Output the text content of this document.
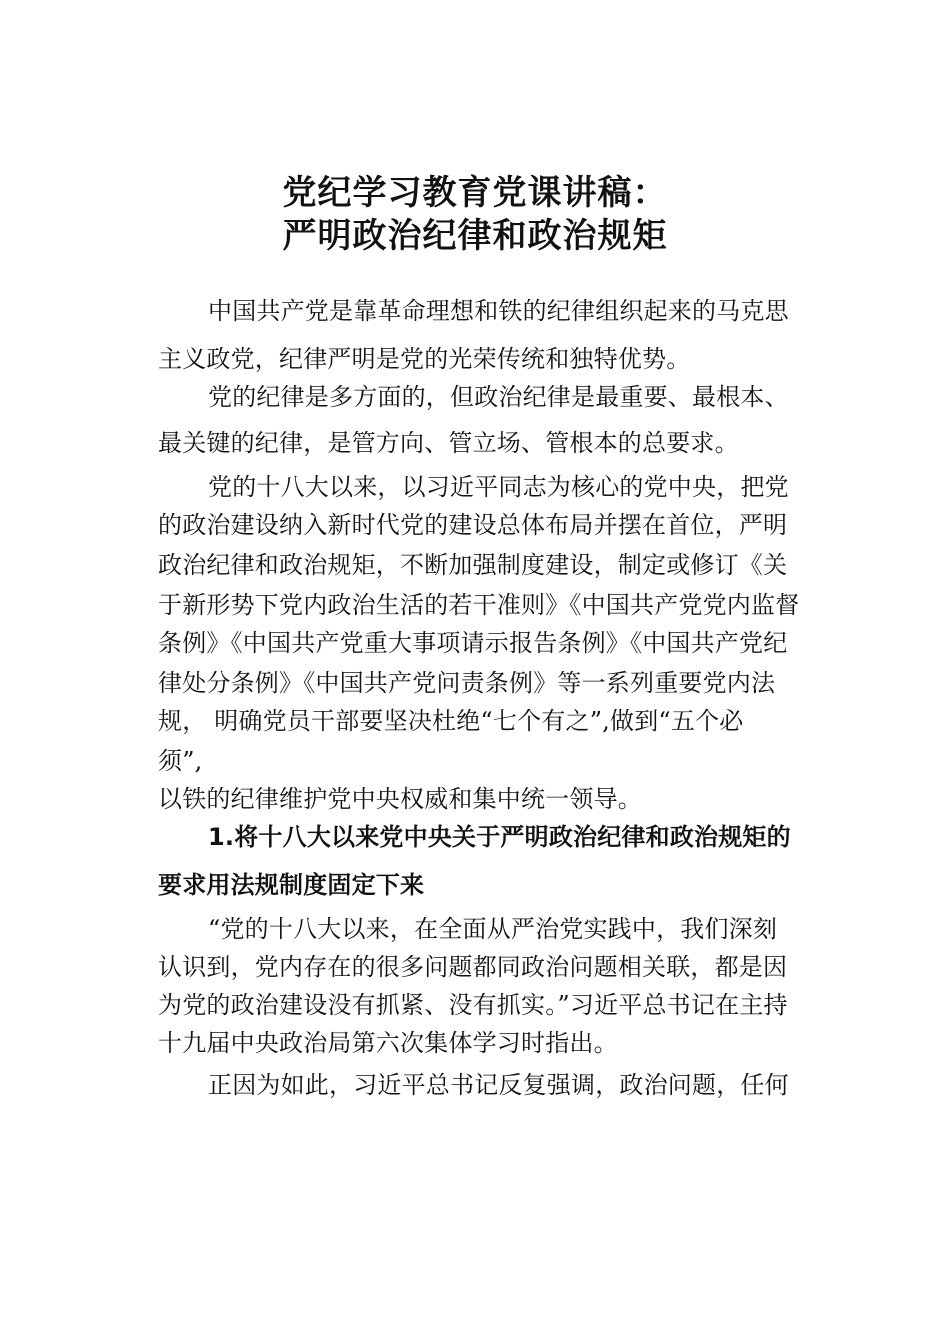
党纪学习教育党课讲稿：
严明政治纪律和政治规矩
中国共产党是靠革命理想和铁的纪律组织起来的马克思
主义政党，纪律严明是党的光荣传统和独特优势。
党的纪律是多方面的，但政治纪律是最重要、最根本、
最关键的纪律，是管方向、管立场、管根本的总要求。
党的十八大以来，以习近平同志为核心的党中央，把党
的政治建设纳入新时代党的建设总体布局并摆在首位，严明
政治纪律和政治规矩，不断加强制度建设，制定或修订《关
于新形势下党内政治生活的若干准则》《中国共产党党内监督
条例》《中国共产党重大事项请示报告条例》《中国共产党纪
律处分条例》《中国共产党问责条例》等一系列重要党内法
规， 明确党员干部要坚决杜绝“七个有之”,做到“五个必
须”,
以铁的纪律维护党中央权威和集中统一领导。
1.将十八大以来党中央关于严明政治纪律和政治规矩的
要求用法规制度固定下来
“党的十八大以来，在全面从严治党实践中，我们深刻
认识到，党内存在的很多问题都同政治问题相关联，都是因
为党的政治建设没有抓紧、没有抓实。”习近平总书记在主持
十九届中央政治局第六次集体学习时指出。
正因为如此，习近平总书记反复强调，政治问题，任何
